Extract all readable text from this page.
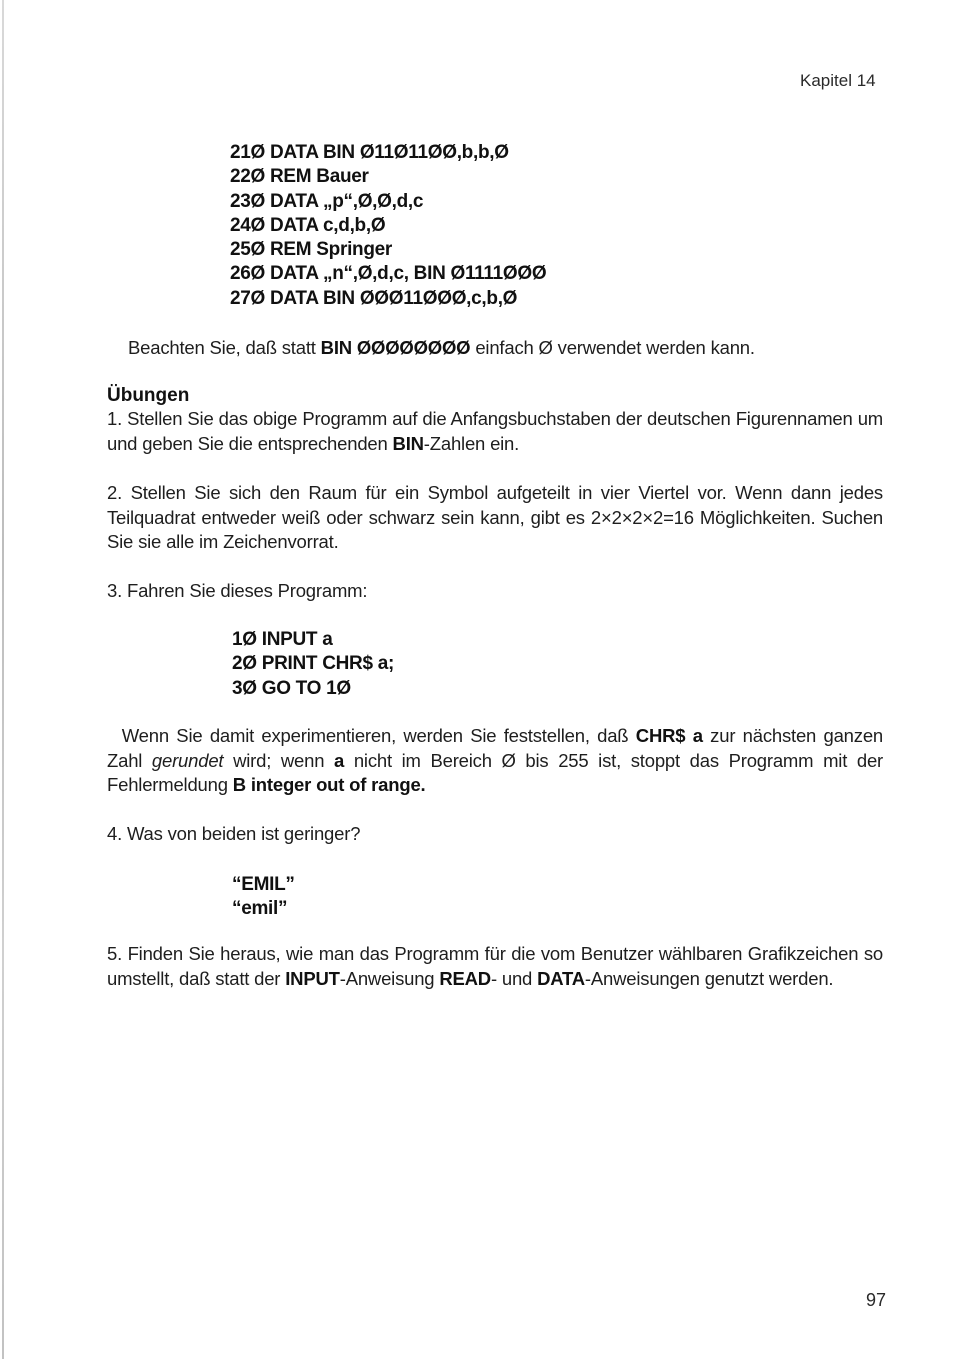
Kapitel 14
21Ø DATA BIN Ø11Ø11ØØ,b,b,Ø
22Ø REM Bauer
23Ø DATA „p“,Ø,Ø,d,c
24Ø DATA c,d,b,Ø
25Ø REM Springer
26Ø DATA „n“,Ø,d,c, BIN Ø1111ØØØ
27Ø DATA BIN ØØØ11ØØØ,c,b,Ø
Beachten Sie, daß statt BIN ØØØØØØØØ einfach Ø verwendet werden kann.
Übungen
1. Stellen Sie das obige Programm auf die Anfangsbuchstaben der deutschen Figurennamen um und geben Sie die entsprechenden BIN-Zahlen ein.
2. Stellen Sie sich den Raum für ein Symbol aufgeteilt in vier Viertel vor. Wenn dann jedes Teilquadrat entweder weiß oder schwarz sein kann, gibt es 2×2×2×2=16 Möglichkeiten. Suchen Sie sie alle im Zeichenvorrat.
3. Fahren Sie dieses Programm:
1Ø INPUT a
2Ø PRINT CHR$ a;
3Ø GO TO 1Ø
Wenn Sie damit experimentieren, werden Sie feststellen, daß CHR$ a zur nächsten ganzen Zahl gerundet wird; wenn a nicht im Bereich Ø bis 255 ist, stoppt das Programm mit der Fehlermeldung B integer out of range.
4. Was von beiden ist geringer?
“EMIL”
“emil”
5. Finden Sie heraus, wie man das Programm für die vom Benutzer wählbaren Grafikzeichen so umstellt, daß statt der INPUT-Anweisung READ- und DATA-Anweisungen genutzt werden.
97
